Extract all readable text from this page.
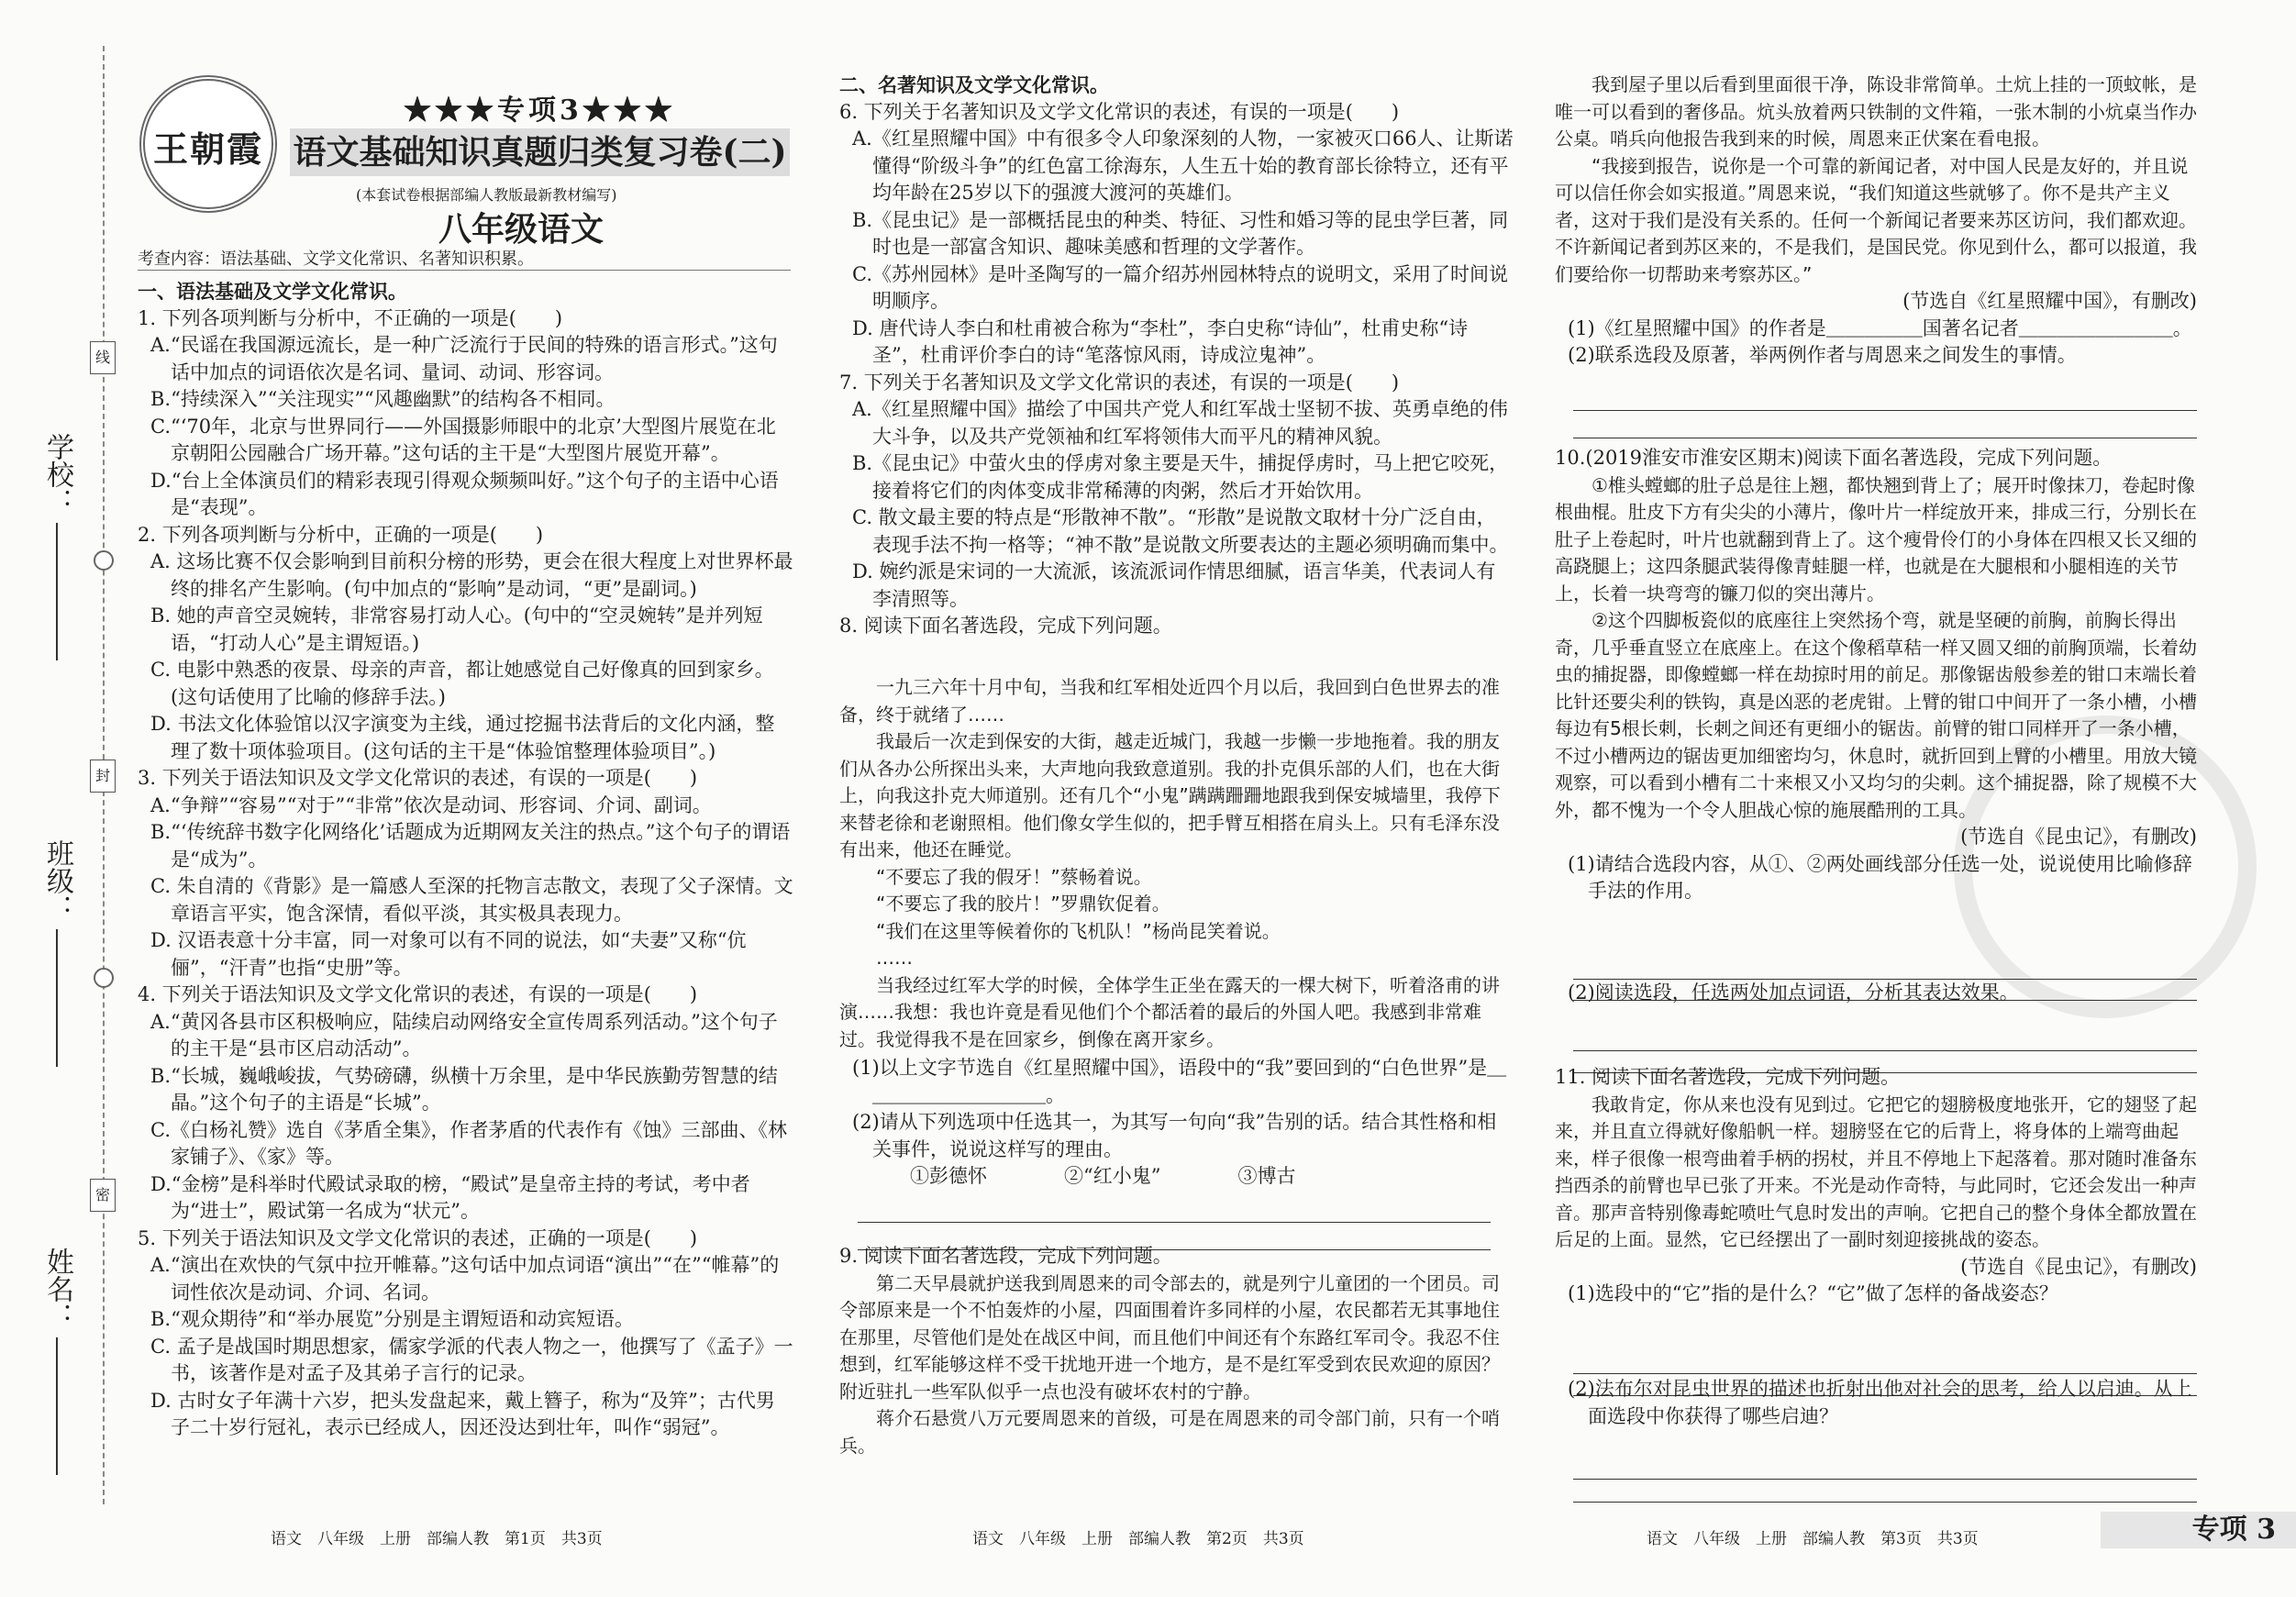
线
封
密
学校：
班级：
姓名：
王朝霞
★★★专项3★★★
语文基础知识真题归类复习卷(二)
(本套试卷根据部编人教版最新教材编写)
八年级语文
考查内容：语法基础、文学文化常识、名著知识积累。

一、语法基础及文学文化常识。

1. 下列各项判断与分析中，不正确的一项是(　　)

A.“民谣在我国源远流长，是一种广泛流行于民间的特殊的语言形式。”这句话中加点的词语依次是名词、量词、动词、形容词。

B.“持续深入”“关注现实”“风趣幽默”的结构各不相同。

C.“‘70年，北京与世界同行——外国摄影师眼中的北京’大型图片展览在北京朝阳公园融合广场开幕。”这句话的主干是“大型图片展览开幕”。

D.“台上全体演员们的精彩表现引得观众频频叫好。”这个句子的主语中心语是“表现”。

2. 下列各项判断与分析中，正确的一项是(　　)

A. 这场比赛不仅会影响到目前积分榜的形势，更会在很大程度上对世界杯最终的排名产生影响。(句中加点的“影响”是动词，“更”是副词。)

B. 她的声音空灵婉转，非常容易打动人心。(句中的“空灵婉转”是并列短语，“打动人心”是主谓短语。)

C. 电影中熟悉的夜景、母亲的声音，都让她感觉自己好像真的回到家乡。(这句话使用了比喻的修辞手法。)

D. 书法文化体验馆以汉字演变为主线，通过挖掘书法背后的文化内涵，整理了数十项体验项目。(这句话的主干是“体验馆整理体验项目”。)

3. 下列关于语法知识及文学文化常识的表述，有误的一项是(　　)

A.“争辩”“容易”“对于”“非常”依次是动词、形容词、介词、副词。

B.“‘传统辞书数字化网络化’话题成为近期网友关注的热点。”这个句子的谓语是“成为”。

C. 朱自清的《背影》是一篇感人至深的托物言志散文，表现了父子深情。文章语言平实，饱含深情，看似平淡，其实极具表现力。

D. 汉语表意十分丰富，同一对象可以有不同的说法，如“夫妻”又称“伉俪”，“汗青”也指“史册”等。

4. 下列关于语法知识及文学文化常识的表述，有误的一项是(　　)

A.“黄冈各县市区积极响应，陆续启动网络安全宣传周系列活动。”这个句子的主干是“县市区启动活动”。

B.“长城，巍峨峻拔，气势磅礴，纵横十万余里，是中华民族勤劳智慧的结晶。”这个句子的主语是“长城”。

C.《白杨礼赞》选自《茅盾全集》，作者茅盾的代表作有《蚀》三部曲、《林家铺子》、《家》等。

D.“金榜”是科举时代殿试录取的榜，“殿试”是皇帝主持的考试，考中者为“进士”，殿试第一名成为“状元”。

5. 下列关于语法知识及文学文化常识的表述，正确的一项是(　　)

A.“演出在欢快的气氛中拉开帷幕。”这句话中加点词语“演出”“在”“帷幕”的词性依次是动词、介词、名词。

B.“观众期待”和“举办展览”分别是主谓短语和动宾短语。

C. 孟子是战国时期思想家，儒家学派的代表人物之一，他撰写了《孟子》一书，该著作是对孟子及其弟子言行的记录。

D. 古时女子年满十六岁，把头发盘起来，戴上簪子，称为“及笄”；古代男子二十岁行冠礼，表示已经成人，因还没达到壮年，叫作“弱冠”。

二、名著知识及文学文化常识。

6. 下列关于名著知识及文学文化常识的表述，有误的一项是(　　)

A.《红星照耀中国》中有很多令人印象深刻的人物，一家被灭口66人、让斯诺懂得“阶级斗争”的红色富工徐海东，人生五十始的教育部长徐特立，还有平均年龄在25岁以下的强渡大渡河的英雄们。

B.《昆虫记》是一部概括昆虫的种类、特征、习性和婚习等的昆虫学巨著，同时也是一部富含知识、趣味美感和哲理的文学著作。

C.《苏州园林》是叶圣陶写的一篇介绍苏州园林特点的说明文，采用了时间说明顺序。

D. 唐代诗人李白和杜甫被合称为“李杜”，李白史称“诗仙”，杜甫史称“诗圣”，杜甫评价李白的诗“笔落惊风雨，诗成泣鬼神”。

7. 下列关于名著知识及文学文化常识的表述，有误的一项是(　　)

A.《红星照耀中国》描绘了中国共产党人和红军战士坚韧不拔、英勇卓绝的伟大斗争，以及共产党领袖和红军将领伟大而平凡的精神风貌。

B.《昆虫记》中萤火虫的俘虏对象主要是天牛，捕捉俘虏时，马上把它咬死，接着将它们的肉体变成非常稀薄的肉粥，然后才开始饮用。

C. 散文最主要的特点是“形散神不散”。“形散”是说散文取材十分广泛自由，表现手法不拘一格等；“神不散”是说散文所要表达的主题必须明确而集中。

D. 婉约派是宋词的一大流派，该流派词作情思细腻，语言华美，代表词人有李清照等。

8. 阅读下面名著选段，完成下列问题。

一九三六年十月中旬，当我和红军相处近四个月以后，我回到白色世界去的准备，终于就绪了……

我最后一次走到保安的大街，越走近城门，我越一步懒一步地拖着。我的朋友们从各办公所探出头来，大声地向我致意道别。我的扑克俱乐部的人们，也在大街上，向我这扑克大师道别。还有几个“小鬼”蹒蹒跚跚地跟我到保安城墙里，我停下来替老徐和老谢照相。他们像女学生似的，把手臂互相搭在肩头上。只有毛泽东没有出来，他还在睡觉。

“不要忘了我的假牙！”蔡畅着说。

“不要忘了我的胶片！”罗鼎钦促着。

“我们在这里等候着你的飞机队！”杨尚昆笑着说。

……

当我经过红军大学的时候，全体学生正坐在露天的一棵大树下，听着洛甫的讲演……我想：我也许竟是看见他们个个都活着的最后的外国人吧。我感到非常难过。我觉得我不是在回家乡，倒像在离开家乡。

(1)以上文字节选自《红星照耀中国》，语段中的“我”要回到的“白色世界”是＿＿＿＿＿＿＿＿＿＿。

(2)请从下列选项中任选其一，为其写一句向“我”告别的话。结合其性格和相关事件，说说这样写的理由。

　　　①彭德怀　　　　②“红小鬼”　　　　③博古

9. 阅读下面名著选段，完成下列问题。

第二天早晨就护送我到周恩来的司令部去的，就是列宁儿童团的一个团员。司令部原来是一个不怕轰炸的小屋，四面围着许多同样的小屋，农民都若无其事地住在那里，尽管他们是处在战区中间，而且他们中间还有个东路红军司令。我忍不住想到，红军能够这样不受干扰地开进一个地方，是不是红军受到农民欢迎的原因？附近驻扎一些军队似乎一点也没有破坏农村的宁静。

蒋介石悬赏八万元要周恩来的首级，可是在周恩来的司令部门前，只有一个哨兵。

我到屋子里以后看到里面很干净，陈设非常简单。土炕上挂的一顶蚊帐，是唯一可以看到的奢侈品。炕头放着两只铁制的文件箱，一张木制的小炕桌当作办公桌。哨兵向他报告我到来的时候，周恩来正伏案在看电报。

“我接到报告，说你是一个可靠的新闻记者，对中国人民是友好的，并且说可以信任你会如实报道。”周恩来说，“我们知道这些就够了。你不是共产主义者，这对于我们是没有关系的。任何一个新闻记者要来苏区访问，我们都欢迎。不许新闻记者到苏区来的，不是我们，是国民党。你见到什么，都可以报道，我们要给你一切帮助来考察苏区。”

(节选自《红星照耀中国》，有删改)

(1)《红星照耀中国》的作者是＿＿＿＿＿国著名记者＿＿＿＿＿＿＿＿。

(2)联系选段及原著，举两例作者与周恩来之间发生的事情。

10.(2019淮安市淮安区期末)阅读下面名著选段，完成下列问题。

①椎头螳螂的肚子总是往上翘，都快翘到背上了；展开时像抹刀，卷起时像根曲棍。肚皮下方有尖尖的小薄片，像叶片一样绽放开来，排成三行，分别长在肚子上卷起时，叶片也就翻到背上了。这个瘦骨伶仃的小身体在四根又长又细的高跷腿上；这四条腿武装得像青蛙腿一样，也就是在大腿根和小腿相连的关节上，长着一块弯弯的镰刀似的突出薄片。

②这个四脚板瓷似的底座往上突然扬个弯，就是坚硬的前胸，前胸长得出奇，几乎垂直竖立在底座上。在这个像稻草秸一样又圆又细的前胸顶端，长着幼虫的捕捉器，即像螳螂一样在劫掠时用的前足。那像锯齿般参差的钳口末端长着比针还要尖利的铁钩，真是凶恶的老虎钳。上臂的钳口中间开了一条小槽，小槽每边有5根长刺，长刺之间还有更细小的锯齿。前臂的钳口同样开了一条小槽，不过小槽两边的锯齿更加细密均匀，休息时，就折回到上臂的小槽里。用放大镜观察，可以看到小槽有二十来根又小又均匀的尖刺。这个捕捉器，除了规模不大外，都不愧为一个令人胆战心惊的施展酷刑的工具。

(节选自《昆虫记》，有删改)

(1)请结合选段内容，从①、②两处画线部分任选一处，说说使用比喻修辞手法的作用。

(2)阅读选段，任选两处加点词语，分析其表达效果。

11. 阅读下面名著选段，完成下列问题。

我敢肯定，你从来也没有见到过。它把它的翅膀极度地张开，它的翅竖了起来，并且直立得就好像船帆一样。翅膀竖在它的后背上，将身体的上端弯曲起来，样子很像一根弯曲着手柄的拐杖，并且不停地上下起落着。那对随时准备东挡西杀的前臂也早已张了开来。不光是动作奇特，与此同时，它还会发出一种声音。那声音特别像毒蛇喷吐气息时发出的声响。它把自己的整个身体全都放置在后足的上面。显然，它已经摆出了一副时刻迎接挑战的姿态。

(节选自《昆虫记》，有删改)

(1)选段中的“它”指的是什么？“它”做了怎样的备战姿态？

(2)法布尔对昆虫世界的描述也折射出他对社会的思考，给人以启迪。从上面选段中你获得了哪些启迪？

语文　八年级　上册　部编人教　第1页　共3页	语文　八年级　上册　部编人教　第2页　共3页	语文　八年级　上册　部编人教　第3页　共3页	专项 3
